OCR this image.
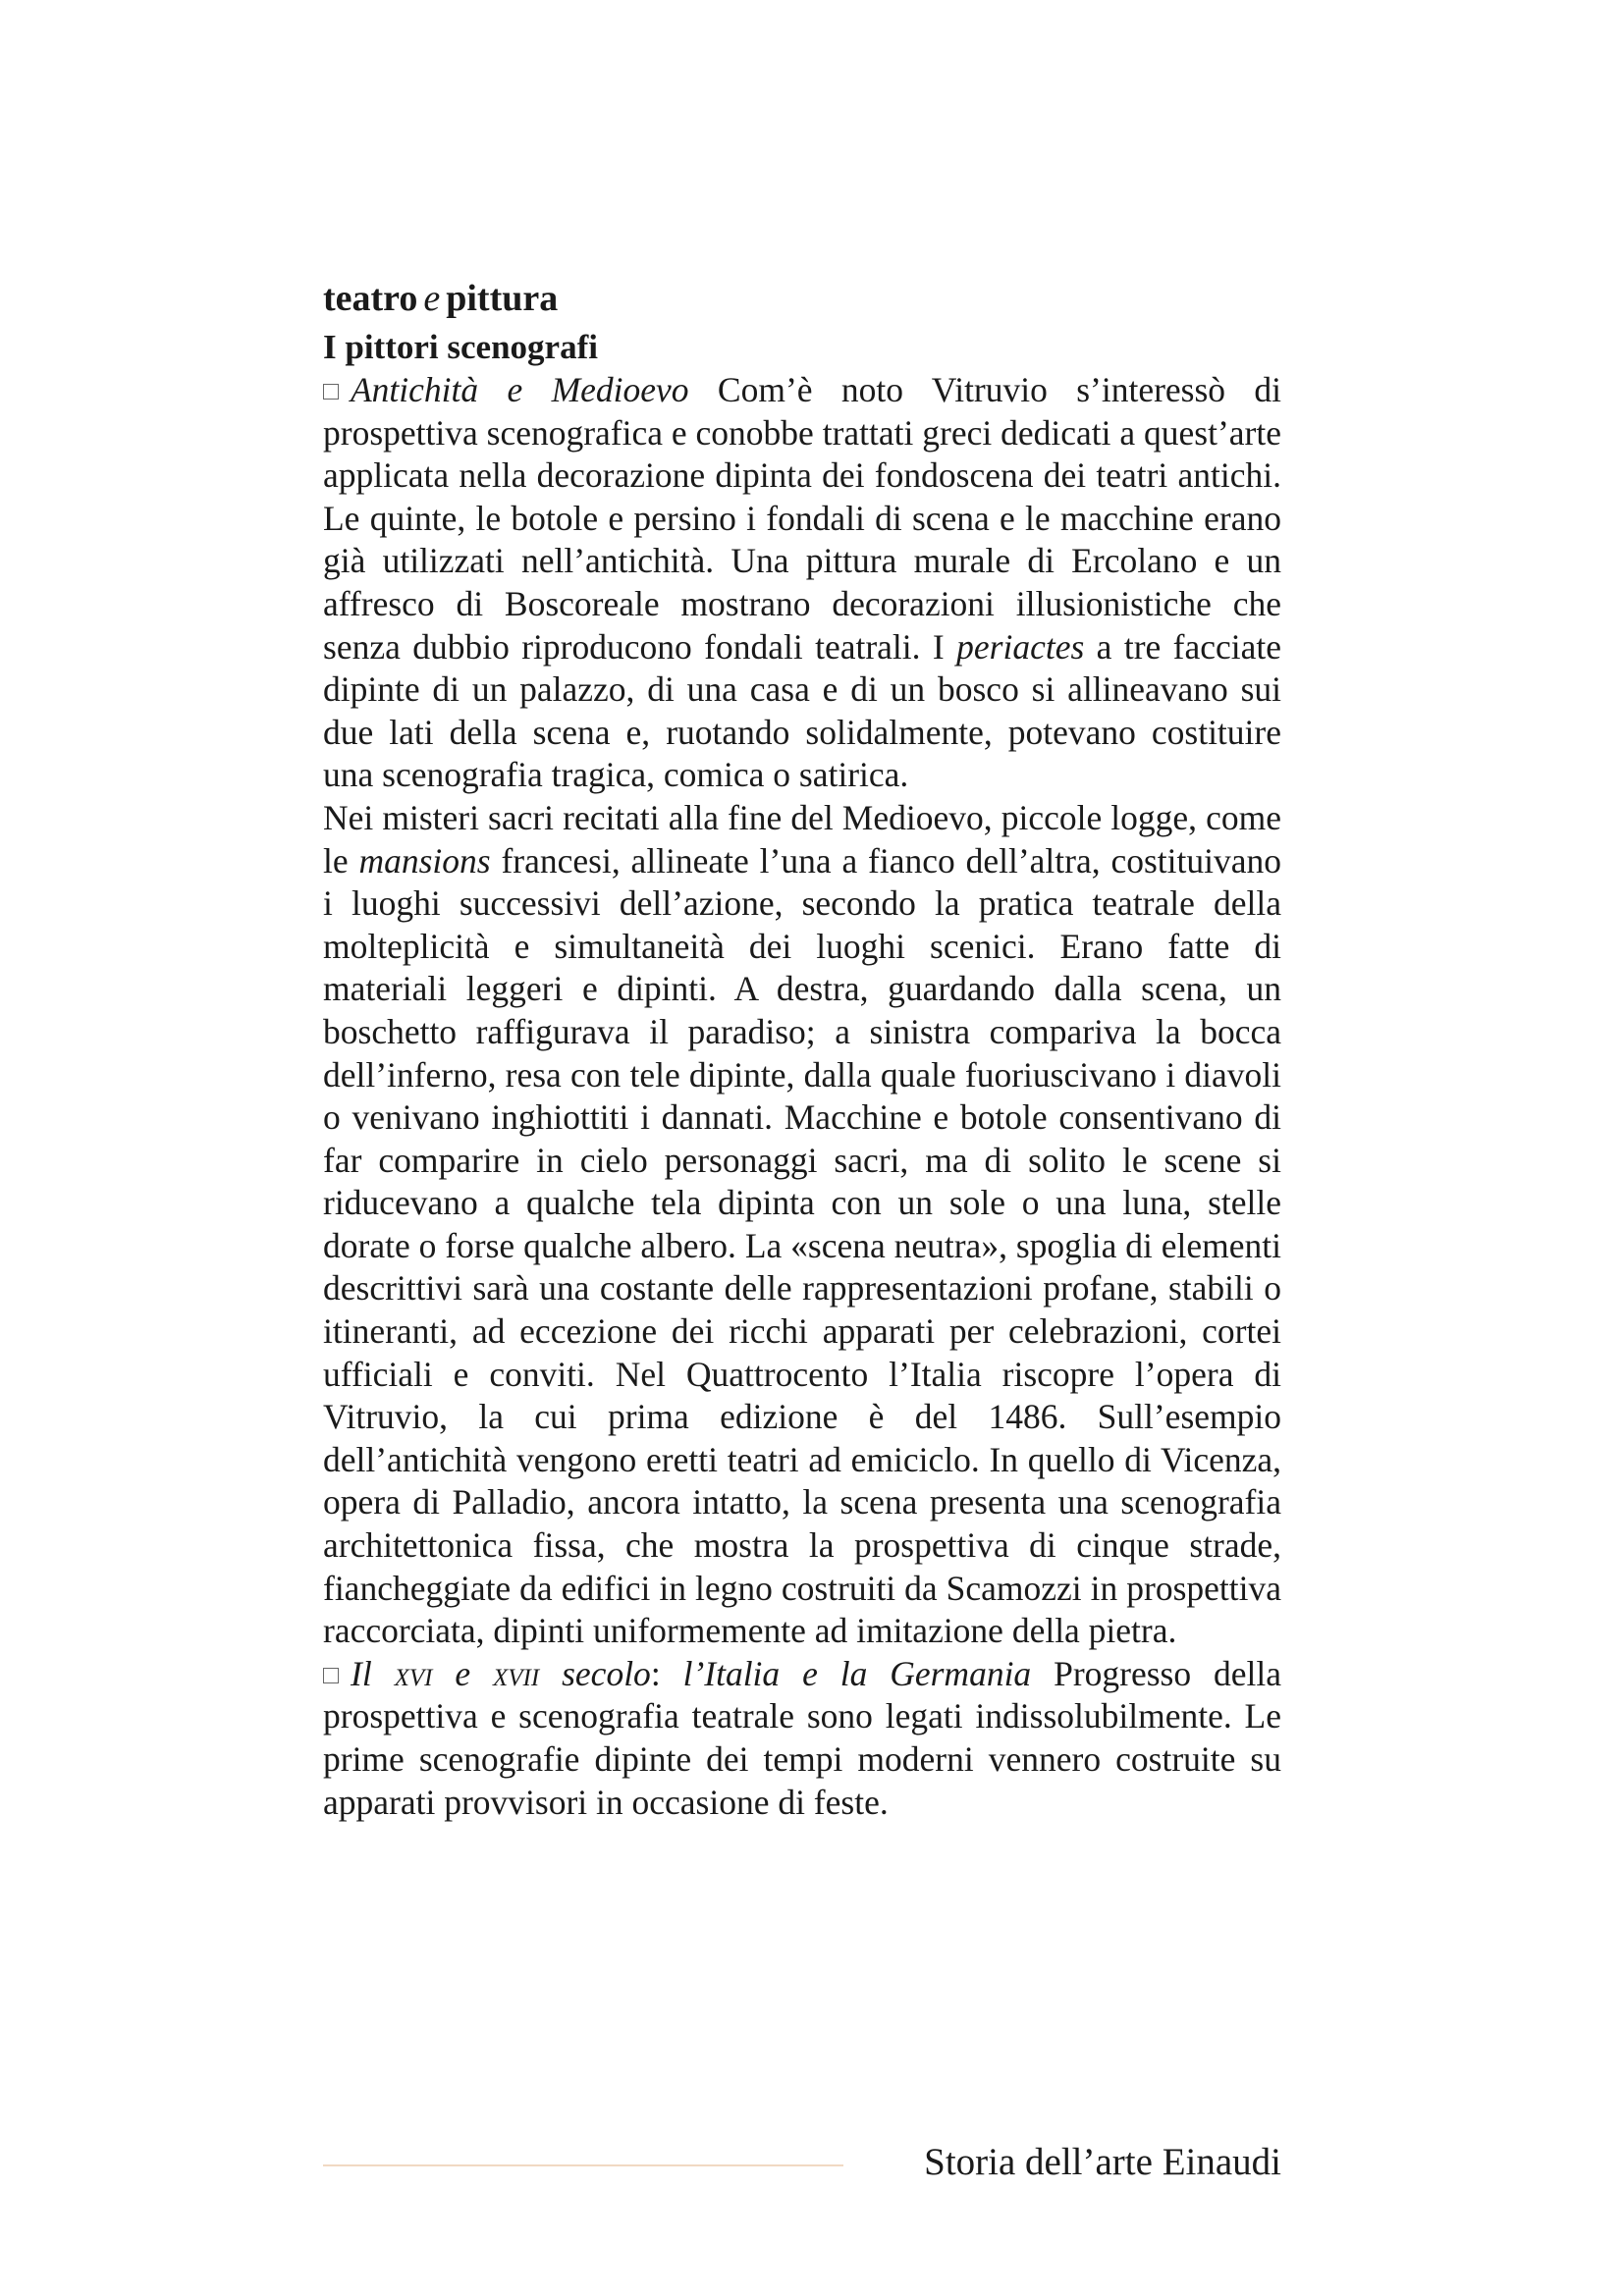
teatro e pittura
I pittori scenografi

Antichità e Medioevo Com’è noto Vitruvio s’interessò di prospettiva scenografica e conobbe trattati greci dedicati a quest’arte applicata nella decorazione dipinta dei fondoscena dei teatri antichi. Le quinte, le botole e persino i fondali di scena e le macchine erano già utilizzati nell’antichità. Una pittura murale di Ercolano e un affresco di Boscoreale mostrano decorazioni illusionistiche che senza dubbio riproducono fondali teatrali. I periactes a tre facciate dipinte di un palazzo, di una casa e di un bosco si allineavano sui due lati della scena e, ruotando solidalmente, potevano costituire una scenografia tragica, comica o satirica.

Nei misteri sacri recitati alla fine del Medioevo, piccole logge, come le mansions francesi, allineate l’una a fianco dell’altra, costituivano i luoghi successivi dell’azione, secondo la pratica teatrale della molteplicità e simultaneità dei luoghi scenici. Erano fatte di materiali leggeri e dipinti. A destra, guardando dalla scena, un boschetto raffigurava il paradiso; a sinistra compariva la bocca dell’inferno, resa con tele dipinte, dalla quale fuoriuscivano i diavoli o venivano inghiottiti i dannati. Macchine e botole consentivano di far comparire in cielo personaggi sacri, ma di solito le scene si riducevano a qualche tela dipinta con un sole o una luna, stelle dorate o forse qualche albero. La «scena neutra», spoglia di elementi descrittivi sarà una costante delle rappresentazioni profane, stabili o itineranti, ad eccezione dei ricchi apparati per celebrazioni, cortei ufficiali e conviti. Nel Quattrocento l’Italia riscopre l’opera di Vitruvio, la cui prima edizione è del 1486. Sull’esempio dell’antichità vengono eretti teatri ad emiciclo. In quello di Vicenza, opera di Palladio, ancora intatto, la scena presenta una scenografia architettonica fissa, che mostra la prospettiva di cinque strade, fiancheggiate da edifici in legno costruiti da Scamozzi in prospettiva raccorciata, dipinti uniformemente ad imitazione della pietra.

Il xvi e xvii secolo: l’Italia e la Germania Progresso della prospettiva e scenografia teatrale sono legati indissolubilmente. Le prime scenografie dipinte dei tempi moderni vennero costruite su apparati provvisori in occasione di feste.

Storia dell’arte Einaudi
